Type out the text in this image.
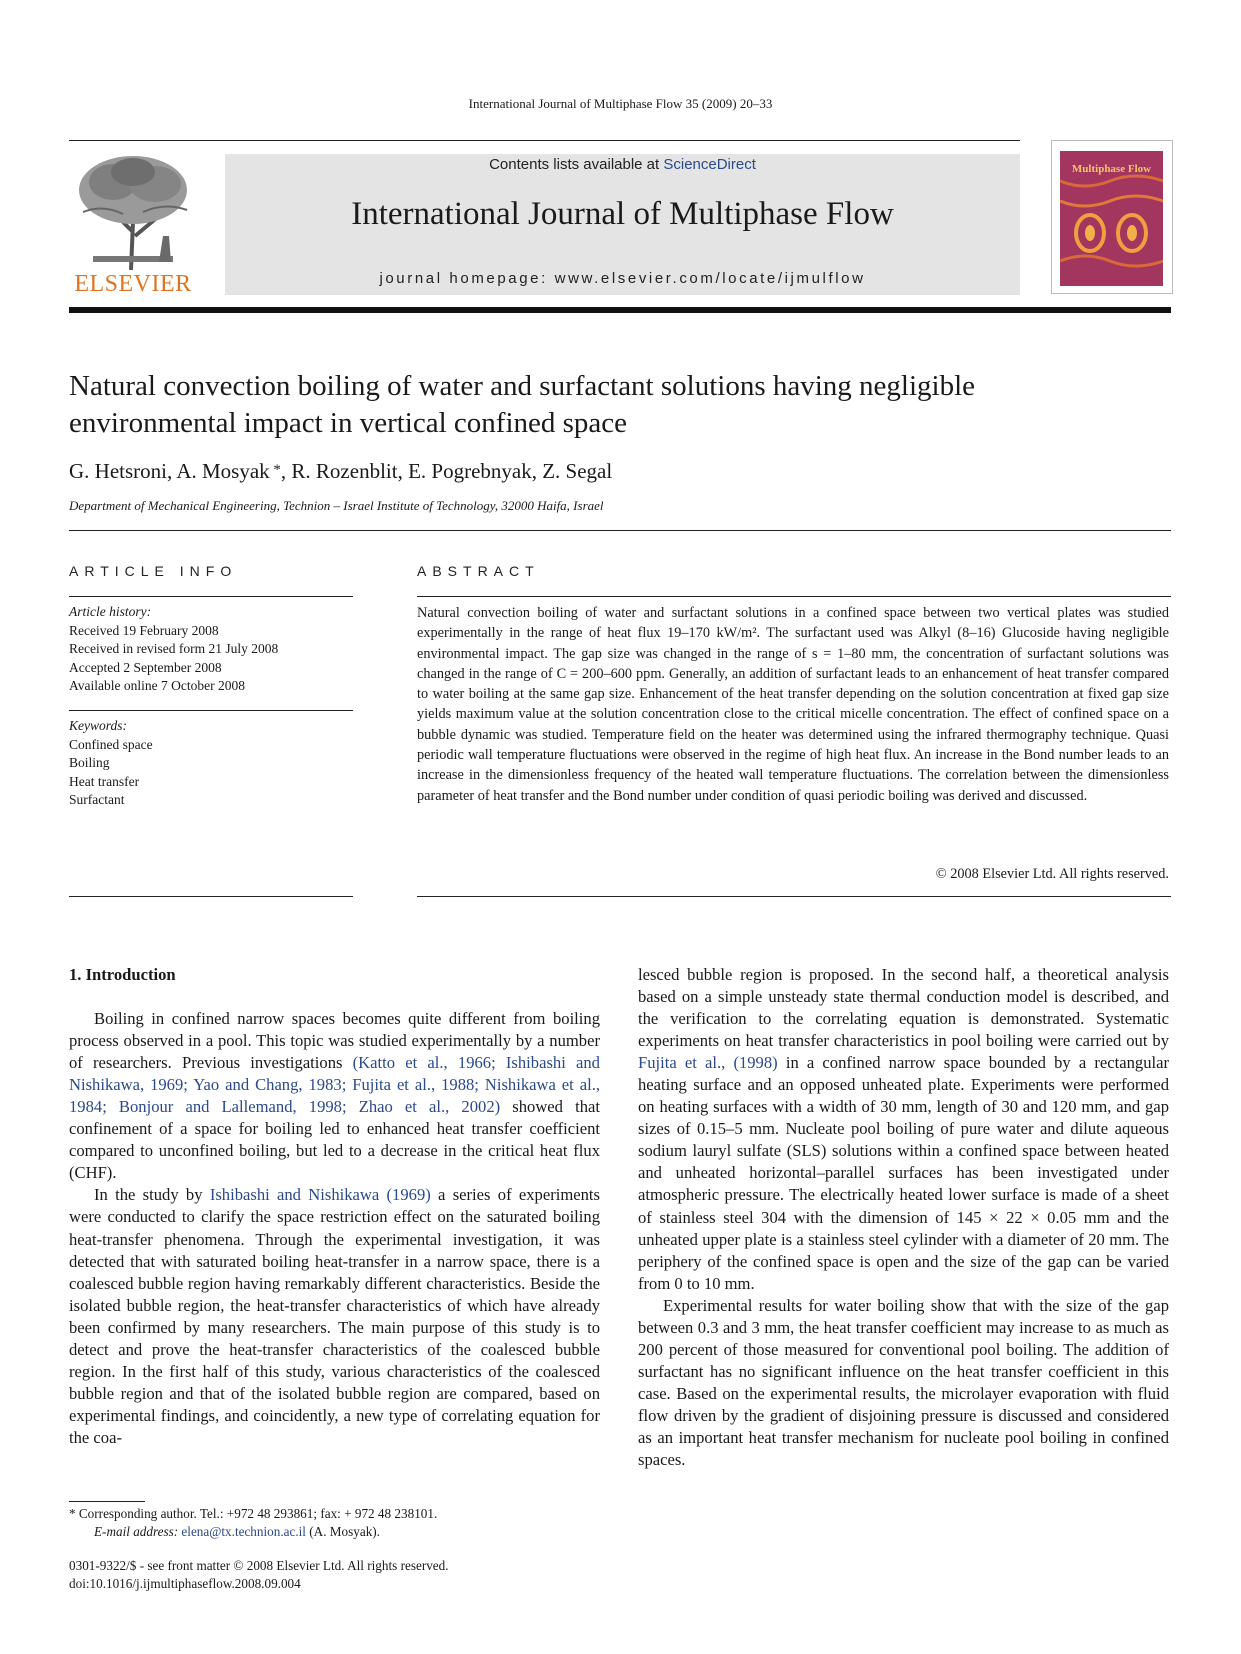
International Journal of Multiphase Flow 35 (2009) 20–33
ELSEVIER
Contents lists available at ScienceDirect
International Journal of Multiphase Flow
journal homepage: www.elsevier.com/locate/ijmulflow
Multiphase Flow
Natural convection boiling of water and surfactant solutions having negligible
environmental impact in vertical confined space
G. Hetsroni, A. Mosyak *, R. Rozenblit, E. Pogrebnyak, Z. Segal
Department of Mechanical Engineering, Technion – Israel Institute of Technology, 32000 Haifa, Israel
ARTICLE INFO
Article history:
Received 19 February 2008
Received in revised form 21 July 2008
Accepted 2 September 2008
Available online 7 October 2008
Keywords:
Confined space
Boiling
Heat transfer
Surfactant
ABSTRACT
Natural convection boiling of water and surfactant solutions in a confined space between two vertical plates was studied experimentally in the range of heat flux 19–170 kW/m². The surfactant used was Alkyl (8–16) Glucoside having negligible environmental impact. The gap size was changed in the range of s = 1–80 mm, the concentration of surfactant solutions was changed in the range of C = 200–600 ppm. Generally, an addition of surfactant leads to an enhancement of heat transfer compared to water boiling at the same gap size. Enhancement of the heat transfer depending on the solution concentration at fixed gap size yields maximum value at the solution concentration close to the critical micelle concentration. The effect of confined space on a bubble dynamic was studied. Temperature field on the heater was determined using the infrared thermography technique. Quasi periodic wall temperature fluctuations were observed in the regime of high heat flux. An increase in the Bond number leads to an increase in the dimensionless frequency of the heated wall temperature fluctuations. The correlation between the dimensionless parameter of heat transfer and the Bond number under condition of quasi periodic boiling was derived and discussed.
© 2008 Elsevier Ltd. All rights reserved.
1. Introduction

Boiling in confined narrow spaces becomes quite different from boiling process observed in a pool. This topic was studied experimentally by a number of researchers. Previous investigations (Katto et al., 1966; Ishibashi and Nishikawa, 1969; Yao and Chang, 1983; Fujita et al., 1988; Nishikawa et al., 1984; Bonjour and Lallemand, 1998; Zhao et al., 2002) showed that confinement of a space for boiling led to enhanced heat transfer coefficient compared to unconfined boiling, but led to a decrease in the critical heat flux (CHF).

In the study by Ishibashi and Nishikawa (1969) a series of experiments were conducted to clarify the space restriction effect on the saturated boiling heat-transfer phenomena. Through the experimental investigation, it was detected that with saturated boiling heat-transfer in a narrow space, there is a coalesced bubble region having remarkably different characteristics. Beside the isolated bubble region, the heat-transfer characteristics of which have already been confirmed by many researchers. The main purpose of this study is to detect and prove the heat-transfer characteristics of the coalesced bubble region. In the first half of this study, various characteristics of the coalesced bubble region and that of the isolated bubble region are compared, based on experimental findings, and coincidently, a new type of correlating equation for the coa-

lesced bubble region is proposed. In the second half, a theoretical analysis based on a simple unsteady state thermal conduction model is described, and the verification to the correlating equation is demonstrated. Systematic experiments on heat transfer characteristics in pool boiling were carried out by Fujita et al., (1998) in a confined narrow space bounded by a rectangular heating surface and an opposed unheated plate. Experiments were performed on heating surfaces with a width of 30 mm, length of 30 and 120 mm, and gap sizes of 0.15–5 mm. Nucleate pool boiling of pure water and dilute aqueous sodium lauryl sulfate (SLS) solutions within a confined space between heated and unheated horizontal–parallel surfaces has been investigated under atmospheric pressure. The electrically heated lower surface is made of a sheet of stainless steel 304 with the dimension of 145 × 22 × 0.05 mm and the unheated upper plate is a stainless steel cylinder with a diameter of 20 mm. The periphery of the confined space is open and the size of the gap can be varied from 0 to 10 mm.

Experimental results for water boiling show that with the size of the gap between 0.3 and 3 mm, the heat transfer coefficient may increase to as much as 200 percent of those measured for conventional pool boiling. The addition of surfactant has no significant influence on the heat transfer coefficient in this case. Based on the experimental results, the microlayer evaporation with fluid flow driven by the gradient of disjoining pressure is discussed and considered as an important heat transfer mechanism for nucleate pool boiling in confined spaces.

* Corresponding author. Tel.: +972 48 293861; fax: + 972 48 238101.
E-mail address: elena@tx.technion.ac.il (A. Mosyak).
0301-9322/$ - see front matter © 2008 Elsevier Ltd. All rights reserved.
doi:10.1016/j.ijmultiphaseflow.2008.09.004
